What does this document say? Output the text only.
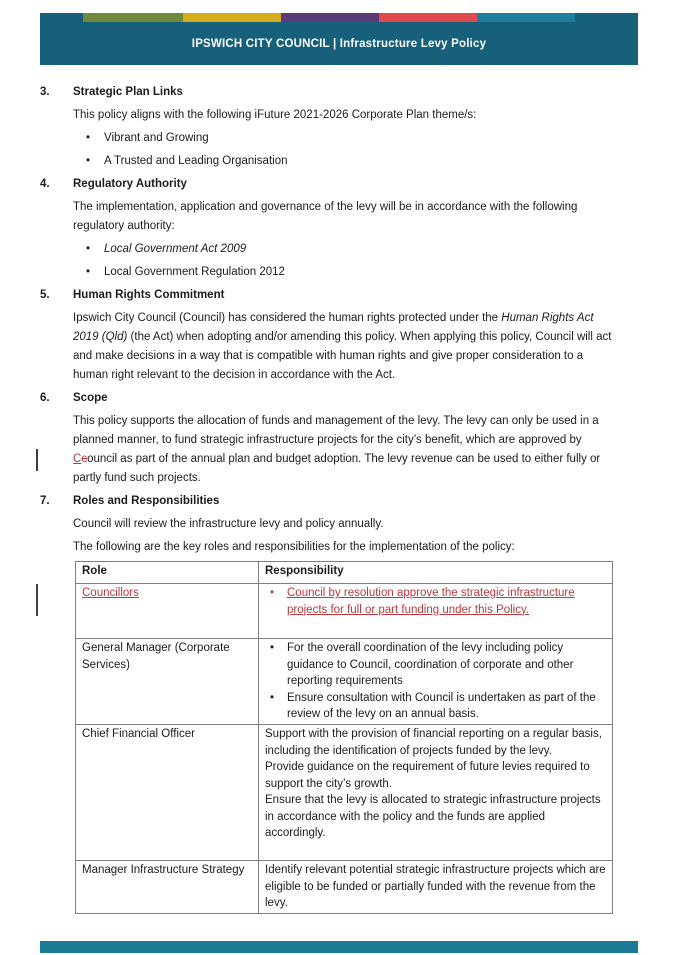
IPSWICH CITY COUNCIL | Infrastructure Levy Policy
3.	Strategic Plan Links
This policy aligns with the following iFuture 2021-2026 Corporate Plan theme/s:
•	Vibrant and Growing
•	A Trusted and Leading Organisation
4.	Regulatory Authority
The implementation, application and governance of the levy will be in accordance with the following regulatory authority:
•	Local Government Act 2009
•	Local Government Regulation 2012
5.	Human Rights Commitment
Ipswich City Council (Council) has considered the human rights protected under the Human Rights Act 2019 (Qld) (the Act) when adopting and/or amending this policy. When applying this policy, Council will act and make decisions in a way that is compatible with human rights and give proper consideration to a human right relevant to the decision in accordance with the Act.
6.	Scope
This policy supports the allocation of funds and management of the levy. The levy can only be used in a planned manner, to fund strategic infrastructure projects for the city’s benefit, which are approved by Ccouncil as part of the annual plan and budget adoption. The levy revenue can be used to either fully or partly fund such projects.
7.	Roles and Responsibilities
Council will review the infrastructure levy and policy annually.
The following are the key roles and responsibilities for the implementation of the policy:
Role	Responsibility
Councillors	• Council by resolution approve the strategic infrastructure projects for full or part funding under this Policy.

General Manager (Corporate Services)	• For the overall coordination of the levy including policy guidance to Council, coordination of corporate and other reporting requirements
• Ensure consultation with Council is undertaken as part of the review of the levy on an annual basis.

Chief Financial Officer	Support with the provision of financial reporting on a regular basis, including the identification of projects funded by the levy.
Provide guidance on the requirement of future levies required to support the city’s growth.
Ensure that the levy is allocated to strategic infrastructure projects in accordance with the policy and the funds are applied accordingly.

Manager Infrastructure Strategy	Identify relevant potential strategic infrastructure projects which are eligible to be funded or partially funded with the revenue from the levy.
